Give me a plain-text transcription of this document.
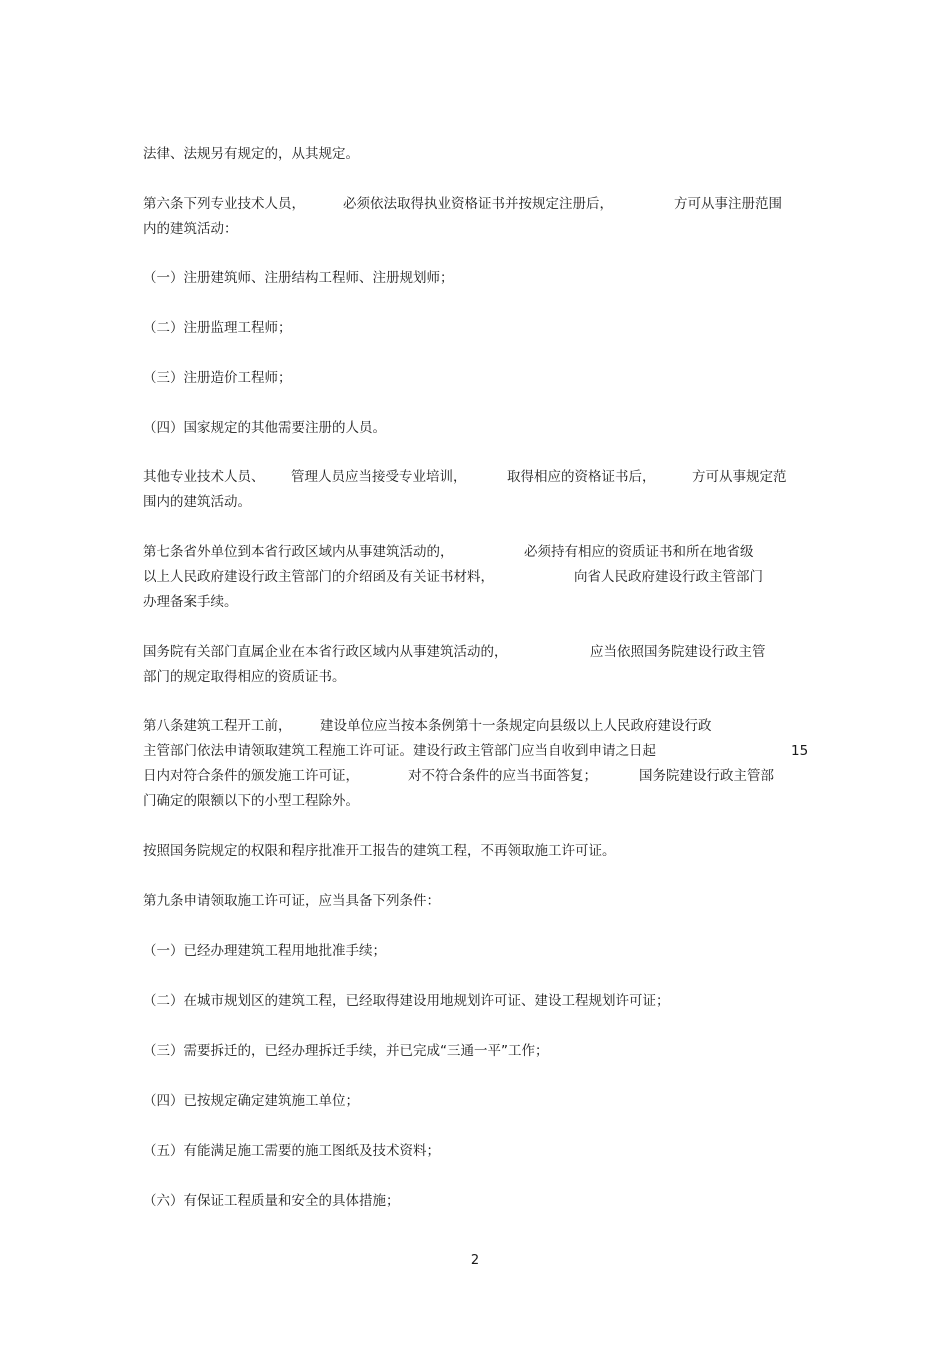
法律、法规另有规定的，从其规定。

第六条下列专业技术人员，	必须依法取得执业资格证书并按规定注册后，	方可从事注册范围
内的建筑活动：

（一）注册建筑师、注册结构工程师、注册规划师；

（二）注册监理工程师；

（三）注册造价工程师；

（四）国家规定的其他需要注册的人员。

其他专业技术人员、 管理人员应当接受专业培训，	取得相应的资格证书后，	方可从事规定范
围内的建筑活动。

第七条省外单位到本省行政区域内从事建筑活动的，	必须持有相应的资质证书和所在地省级
以上人民政府建设行政主管部门的介绍函及有关证书材料，	向省人民政府建设行政主管部门
办理备案手续。

国务院有关部门直属企业在本省行政区域内从事建筑活动的，	应当依照国务院建设行政主管
部门的规定取得相应的资质证书。

第八条建筑工程开工前， 建设单位应当按本条例第十一条规定向县级以上人民政府建设行政
主管部门依法申请领取建筑工程施工许可证。建设行政主管部门应当自收到申请之日起	15
日内对符合条件的颁发施工许可证，	对不符合条件的应当书面答复；	国务院建设行政主管部
门确定的限额以下的小型工程除外。

按照国务院规定的权限和程序批准开工报告的建筑工程，不再领取施工许可证。

第九条申请领取施工许可证，应当具备下列条件：

（一）已经办理建筑工程用地批准手续；

（二）在城市规划区的建筑工程，已经取得建设用地规划许可证、建设工程规划许可证；

（三）需要拆迁的，已经办理拆迁手续，并已完成“三通一平”工作；

（四）已按规定确定建筑施工单位；

（五）有能满足施工需要的施工图纸及技术资料；

（六）有保证工程质量和安全的具体措施；

2
